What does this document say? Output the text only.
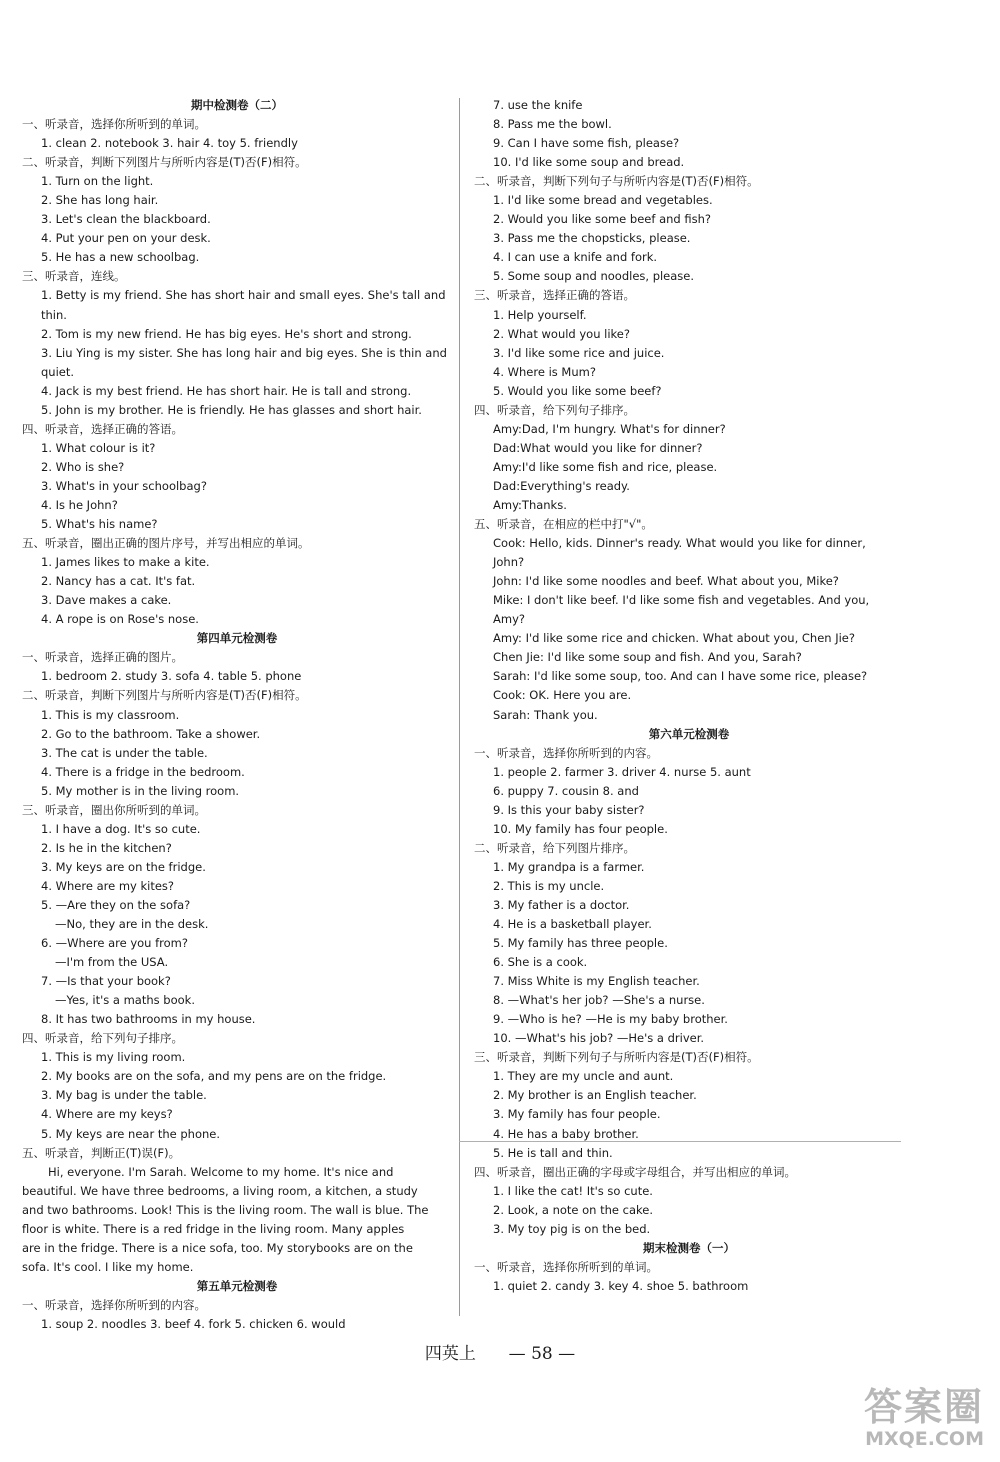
期中检测卷（二）
一、听录音，选择你所听到的单词。
1. clean 2. notebook 3. hair 4. toy 5. friendly
二、听录音，判断下列图片与所听内容是(T)否(F)相符。
1. Turn on the light.
2. She has long hair.
3. Let's clean the blackboard.
4. Put your pen on your desk.
5. He has a new schoolbag.
三、听录音，连线。
1. Betty is my friend. She has short hair and small eyes. She's tall and
thin.
2. Tom is my new friend. He has big eyes. He's short and strong.
3. Liu Ying is my sister. She has long hair and big eyes. She is thin and
quiet.
4. Jack is my best friend. He has short hair. He is tall and strong.
5. John is my brother. He is friendly. He has glasses and short hair.
四、听录音，选择正确的答语。
1. What colour is it?
2. Who is she?
3. What's in your schoolbag?
4. Is he John?
5. What's his name?
五、听录音，圈出正确的图片序号，并写出相应的单词。
1. James likes to make a kite.
2. Nancy has a cat. It's fat.
3. Dave makes a cake.
4. A rope is on Rose's nose.
第四单元检测卷
一、听录音，选择正确的图片。
1. bedroom 2. study 3. sofa 4. table 5. phone
二、听录音，判断下列图片与所听内容是(T)否(F)相符。
1. This is my classroom.
2. Go to the bathroom. Take a shower.
3. The cat is under the table.
4. There is a fridge in the bedroom.
5. My mother is in the living room.
三、听录音，圈出你所听到的单词。
1. I have a dog. It's so cute.
2. Is he in the kitchen?
3. My keys are on the fridge.
4. Where are my kites?
5. —Are they on the sofa?
—No, they are in the desk.
6. —Where are you from?
—I'm from the USA.
7. —Is that your book?
—Yes, it's a maths book.
8. It has two bathrooms in my house.
四、听录音，给下列句子排序。
1. This is my living room.
2. My books are on the sofa, and my pens are on the fridge.
3. My bag is under the table.
4. Where are my keys?
5. My keys are near the phone.
五、听录音，判断正(T)误(F)。
Hi, everyone. I'm Sarah. Welcome to my home. It's nice and
beautiful. We have three bedrooms, a living room, a kitchen, a study
and two bathrooms. Look! This is the living room. The wall is blue. The
floor is white. There is a red fridge in the living room. Many apples
are in the fridge. There is a nice sofa, too. My storybooks are on the
sofa. It's cool. I like my home.
第五单元检测卷
一、听录音，选择你所听到的内容。
1. soup 2. noodles 3. beef 4. fork 5. chicken 6. would
7. use the knife
8. Pass me the bowl.
9. Can I have some fish, please?
10. I'd like some soup and bread.
二、听录音，判断下列句子与所听内容是(T)否(F)相符。
1. I'd like some bread and vegetables.
2. Would you like some beef and fish?
3. Pass me the chopsticks, please.
4. I can use a knife and fork.
5. Some soup and noodles, please.
三、听录音，选择正确的答语。
1. Help yourself.
2. What would you like?
3. I'd like some rice and juice.
4. Where is Mum?
5. Would you like some beef?
四、听录音，给下列句子排序。
Amy:Dad, I'm hungry. What's for dinner?
Dad:What would you like for dinner?
Amy:I'd like some fish and rice, please.
Dad:Everything's ready.
Amy:Thanks.
五、听录音，在相应的栏中打"√"。
Cook: Hello, kids. Dinner's ready. What would you like for dinner,
John?
John: I'd like some noodles and beef. What about you, Mike?
Mike: I don't like beef. I'd like some fish and vegetables. And you,
Amy?
Amy: I'd like some rice and chicken. What about you, Chen Jie?
Chen Jie: I'd like some soup and fish. And you, Sarah?
Sarah: I'd like some soup, too. And can I have some rice, please?
Cook: OK. Here you are.
Sarah: Thank you.
第六单元检测卷
一、听录音，选择你所听到的内容。
1. people 2. farmer 3. driver 4. nurse 5. aunt
6. puppy 7. cousin 8. and
9. Is this your baby sister?
10. My family has four people.
二、听录音，给下列图片排序。
1. My grandpa is a farmer.
2. This is my uncle.
3. My father is a doctor.
4. He is a basketball player.
5. My family has three people.
6. She is a cook.
7. Miss White is my English teacher.
8. —What's her job? —She's a nurse.
9. —Who is he? —He is my baby brother.
10. —What's his job? —He's a driver.
三、听录音，判断下列句子与所听内容是(T)否(F)相符。
1. They are my uncle and aunt.
2. My brother is an English teacher.
3. My family has four people.
4. He has a baby brother.
5. He is tall and thin.
四、听录音，圈出正确的字母或字母组合，并写出相应的单词。
1. I like the cat! It's so cute.
2. Look, a note on the cake.
3. My toy pig is on the bed.
期末检测卷（一）
一、听录音，选择你所听到的单词。
1. quiet 2. candy 3. key 4. shoe 5. bathroom
四英上 — 58 —
答案圈
MXQE.COM
